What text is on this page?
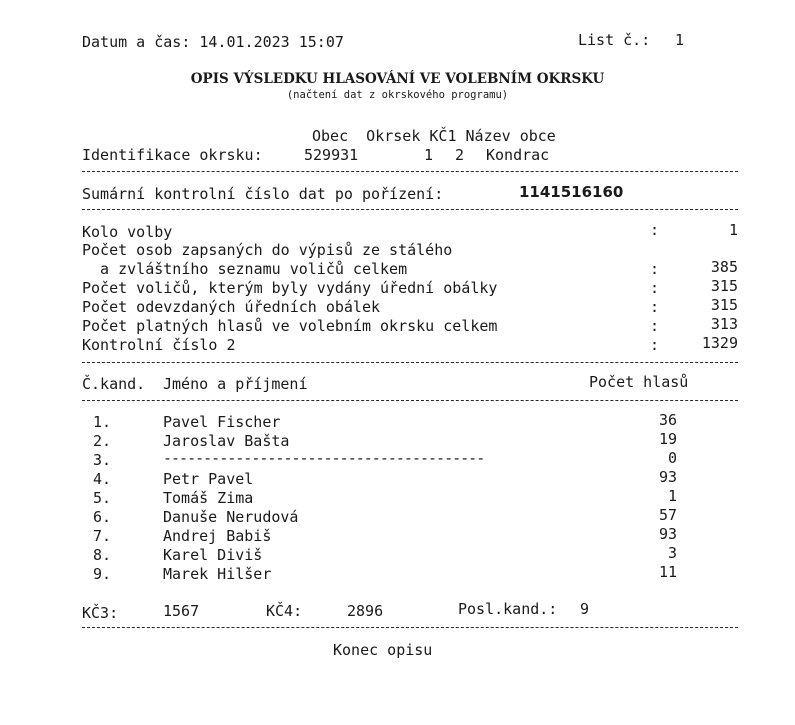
Datum a čas: 14.01.2023 15:07	List č.: 1
OPIS VÝSLEDKU HLASOVÁNÍ VE VOLEBNÍM OKRSKU
(načtení dat z okrskového programu)
Obec  Okrsek KČ1 Název obce
Identifikace okrsku:	529931	1 2 Kondrac
Sumární kontrolní číslo dat po pořízení:	1141516160
Kolo volby	:	1
Počet osob zapsaných do výpisů ze stálého
a zvláštního seznamu voličů celkem	:	385
Počet voličů, kterým byly vydány úřední obálky	:	315
Počet odevzdaných úředních obálek	:	315
Počet platných hlasů ve volebním okrsku celkem	:	313
Kontrolní číslo 2	:	1329
Č.kand. Jméno a příjmení	Počet hlasů
1.	Pavel Fischer	36
2.	Jaroslav Bašta	19
3.	----------------------------------------	0
4.	Petr Pavel	93
5.	Tomáš Zima	1
6.	Danuše Nerudová	57
7.	Andrej Babiš	93
8.	Karel Diviš	3
9.	Marek Hilšer	11
KČ3:	1567	KČ4:	2896	Posl.kand.: 9
Konec opisu
